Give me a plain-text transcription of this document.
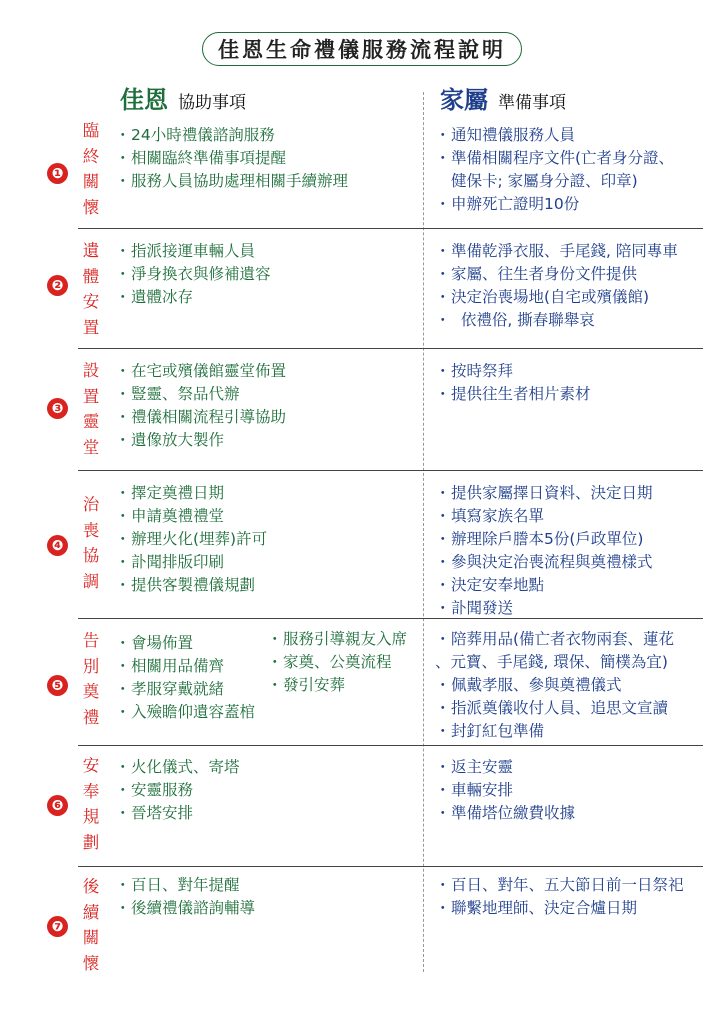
佳恩生命禮儀服務流程說明
佳恩 協助事項	家屬 準備事項
❶
臨
終
關
懷
・24小時禮儀諮詢服務
・相關臨終準備事項提醒
・服務人員協助處理相關手續辦理
・通知禮儀服務人員
・準備相關程序文件(亡者身分證、
健保卡; 家屬身分證、印章)
・申辦死亡證明10份
❷
遺
體
安
置
・指派接運車輛人員
・淨身換衣與修補遺容
・遺體冰存
・準備乾淨衣服、手尾錢, 陪同專車
・家屬、往生者身份文件提供
・決定治喪場地(自宅或殯儀館)
・ 依禮俗, 撕春聯舉哀
❸
設
置
靈
堂
・在宅或殯儀館靈堂佈置
・豎靈、祭品代辦
・禮儀相關流程引導協助
・遺像放大製作
・按時祭拜
・提供往生者相片素材
❹
治
喪
協
調
・擇定奠禮日期
・申請奠禮禮堂
・辦理火化(埋葬)許可
・訃聞排版印刷
・提供客製禮儀規劃
・提供家屬擇日資料、決定日期
・填寫家族名單
・辦理除戶謄本5份(戶政單位)
・參與決定治喪流程與奠禮樣式
・決定安奉地點
・訃聞發送
❺
告
別
奠
禮
・會場佈置
・相關用品備齊
・孝服穿戴就緒
・入殮瞻仰遺容蓋棺
・服務引導親友入席
・家奠、公奠流程
・發引安葬
・陪葬用品(備亡者衣物兩套、蓮花
、元寶、手尾錢, 環保、簡樸為宜)
・佩戴孝服、參與奠禮儀式
・指派奠儀收付人員、追思文宣讀
・封釘紅包準備
❻
安
奉
規
劃
・火化儀式、寄塔
・安靈服務
・晉塔安排
・返主安靈
・車輛安排
・準備塔位繳費收據
❼
後
續
關
懷
・百日、對年提醒
・後續禮儀諮詢輔導
・百日、對年、五大節日前一日祭祀
・聯繫地理師、決定合爐日期
